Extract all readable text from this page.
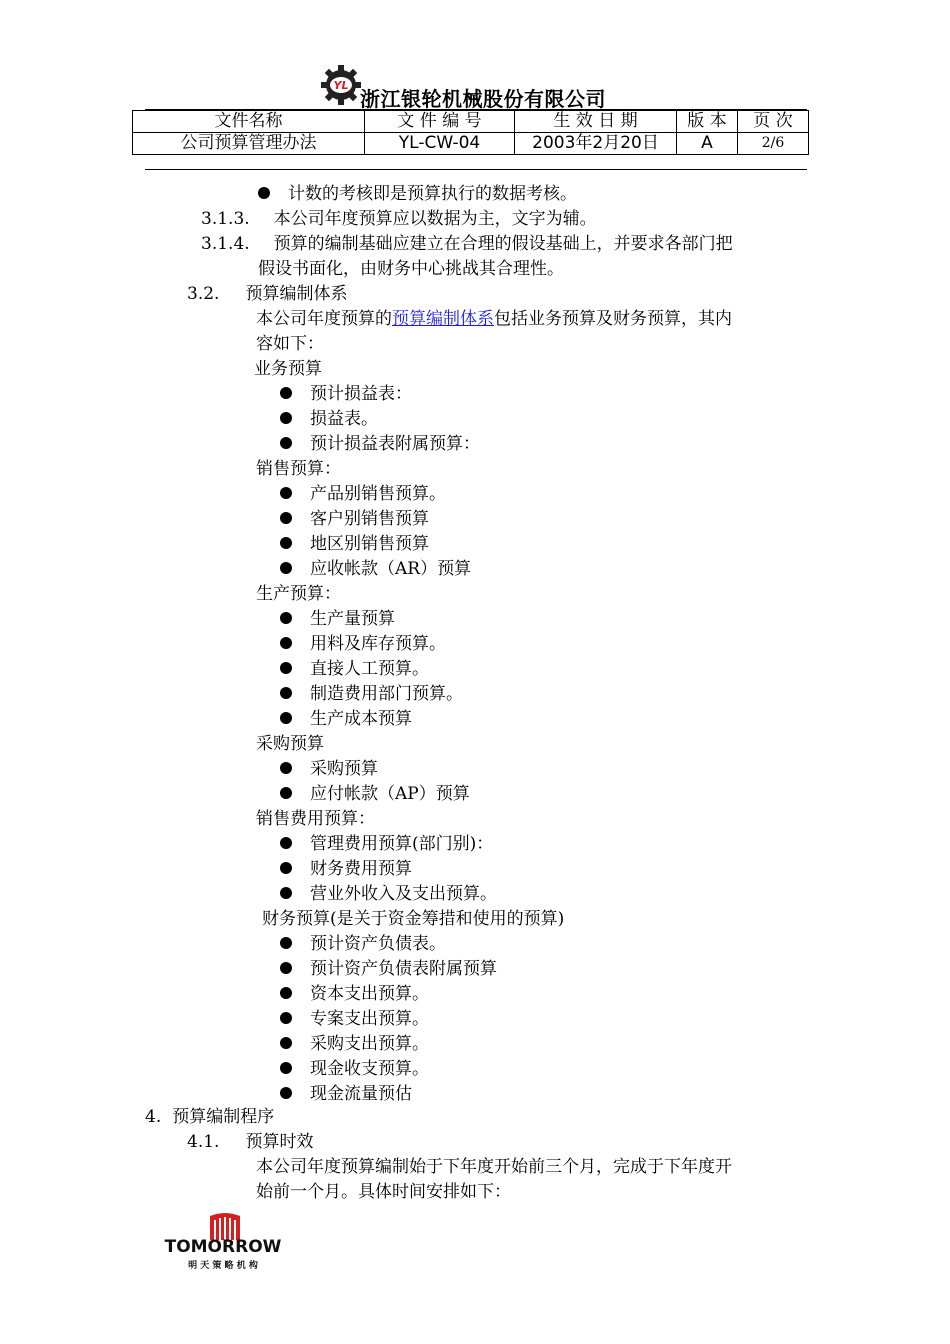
YL
浙江银轮机械股份有限公司
文件名称	文 件 编 号	生 效 日 期	版 本	页 次
公司预算管理办法	YL-CW-04	2003年2月20日	A	2/6
计数的考核即是预算执行的数据考核。
3.1.3. 本公司年度预算应以数据为主，文字为辅。
3.1.4. 预算的编制基础应建立在合理的假设基础上，并要求各部门把
假设书面化，由财务中心挑战其合理性。
3.2. 预算编制体系
本公司年度预算的预算编制体系包括业务预算及财务预算，其内
容如下：
业务预算
预计损益表：
损益表。
预计损益表附属预算：
销售预算：
产品别销售预算。
客户别销售预算
地区别销售预算
应收帐款（AR）预算
生产预算：
生产量预算
用料及库存预算。
直接人工预算。
制造费用部门预算。
生产成本预算
采购预算
采购预算
应付帐款（AP）预算
销售费用预算：
管理费用预算(部门别)：
财务费用预算
营业外收入及支出预算。
财务预算(是关于资金筹措和使用的预算)
预计资产负债表。
预计资产负债表附属预算
资本支出预算。
专案支出预算。
采购支出预算。
现金收支预算。
现金流量预估
4. 预算编制程序
4.1. 预算时效
本公司年度预算编制始于下年度开始前三个月，完成于下年度开
始前一个月。具体时间安排如下：
TOMORROW
明 天 策 略 机 构
